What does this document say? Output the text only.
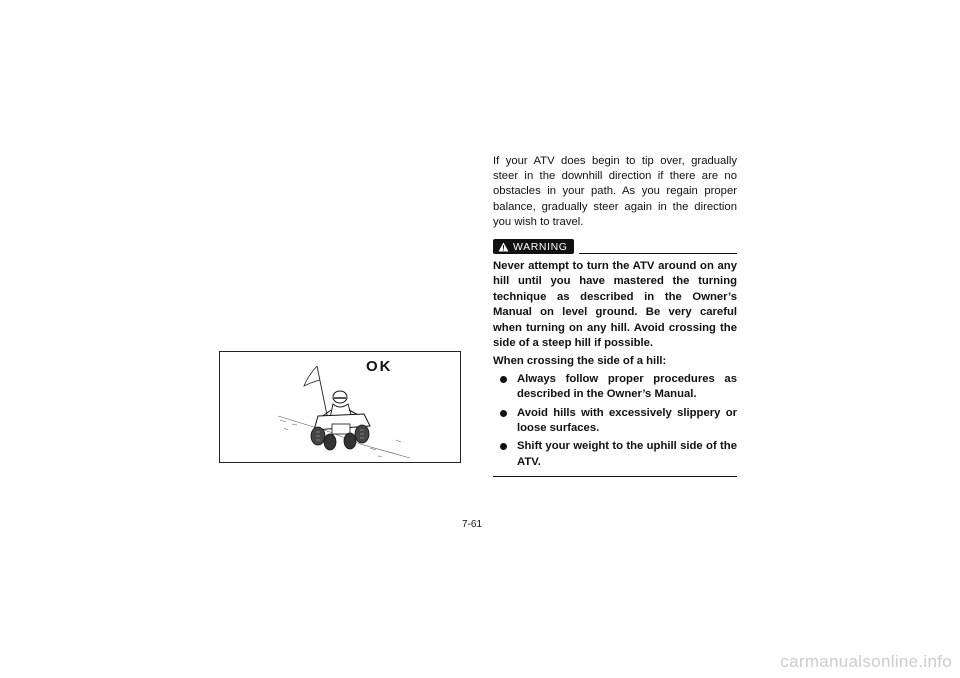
OK

If your ATV does begin to tip over, gradually steer in the downhill direction if there are no obstacles in your path. As you regain proper balance, gradually steer again in the direction you wish to travel.

WARNING

Never attempt to turn the ATV around on any hill until you have mastered the turning technique as described in the Owner’s Manual on level ground. Be very careful when turning on any hill. Avoid crossing the side of a steep hill if possible.

When crossing the side of a hill:

Always follow proper procedures as described in the Owner’s Manual.
Avoid hills with excessively slippery or loose surfaces.
Shift your weight to the uphill side of the ATV.
7-61
carmanualsonline.info
